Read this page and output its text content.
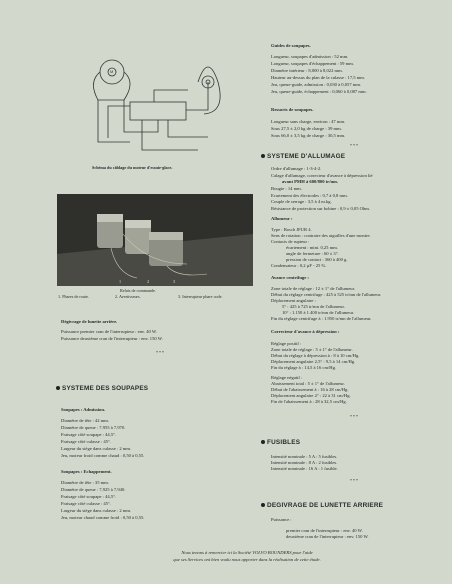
M
Schéma du câblage du moteur d'essuie-glace.
1	2	3
Relais de commande.
1. Phares de route.	2. Avertisseurs.	3. Interrupteur phare code.
Dégivrage de lunette arrière.
Puissance premier cran de l'interrupteur : env. 40 W.
Puissance deuxième cran de l'interrupteur : env. 150 W.
* * *
SYSTEME DES SOUPAPES
Soupapes : Admission.
Diamètre de tête : 42 mm.
Diamètre de queue : 7,955 à 7,970.
Fraisage côté soupape : 44,5°.
Fraisage côté culasse : 45°.
Largeur du siège dans culasse : 2 mm.
Jeu, moteur froid comme chaud : 0,50 à 0,55.
Soupapes : Echappement.
Diamètre de tête : 35 mm.
Diamètre de queue : 7,925 à 7,940.
Fraisage côté soupape : 44,5°.
Fraisage côté culasse : 45°.
Largeur du siège dans culasse : 2 mm.
Jeu, moteur chaud comme froid : 0,50 à 0,55.
Guides de soupapes.
Longueur, soupapes d'admission : 52 mm.
Longueur, soupapes d'échappement : 59 mm.
Diamètre intérieur : 8,000 à 8,022 mm.
Hauteur au-dessus du plan de la culasse : 17,5 mm.
Jeu, queue-guide, admission : 0,030 à 0,057 mm.
Jeu, queue-guide, échappement : 0,060 à 0,087 mm.
Ressorts de soupapes.
Longueur sans charge, environ : 47 mm.
Sous 27,5 ± 2,0 kg de charge : 39 mm.
Sous 66,0 ± 3,5 kg de charge : 30,5 mm.
* * *
SYSTEME D'ALLUMAGE
Ordre d'allumage : 1-3-4-2.
Calage d'allumage, correcteur d'avance à dépression lié
avant PMH à 600/800 tr/mn.
Bougie : 14 mm.
Ecartement des électrodes : 0,7 à 0,8 mm.
Couple de serrage : 3,5 à 4 m.kg.
Résistance de protection sur bobine : 0,9 ± 0,05 Ohm.
Allumeur :
Type : Bosch JFUR 4.
Sens de rotation : contraire des aiguilles d'une montre.
Contacts de rupteur :
écartement : mini. 0,25 mm.
angle de fermeture : 60 ± 3°.
pression de contact : 360 à 400 g.
Condensateur : 0,2 µF - 25 %.
Avance centrifuge :
Zone totale de réglage : 12 ± 1° de l'allumeur.
Début du réglage centrifuge : 425 à 525 tr/mn de l'allumeur.
Déplacement angulaire :
5° : 425 à 725 tr/mn de l'allumeur.
10° : 1.150 à 1.400 tr/mn de l'allumeur.
Fin du réglage centrifuge à : 1.950 tr/mn de l'allumeur.
Correcteur d'avance à dépression :
Réglage positif :
Zone totale de réglage : 5 ± 1° de l'allumeur.
Début du réglage à dépression à : 8 à 10 cm/Hg.
Déplacement angulaire 2,5° : 9,5 à 14 cm/Hg.
Fin du réglage à : 14,5 à 16 cm/Hg.
Réglage négatif :
Abaissement total : 5 ± 1° de l'allumeur.
Début de l'abaissement à : 16 à 28 cm/Hg.
Déplacement angulaire 2° : 22 à 31 cm/Hg.
Fin de l'abaissement à : 28 à 32,5 cm/Hg.
* * *
FUSIBLES
Intensité nominale : 5 A : 5 fusibles.
Intensité nominale : 8 A : 2 fusibles.
Intensité nominale : 16 A : 1 fusible.
* * *
DEGIVRAGE DE LUNETTE ARRIERE
Puissance :
premier cran de l'interrupteur : env. 40 W.
deuxième cran de l'interrupteur : env. 150 W.
Nous tenons à remercier ici la Société VOLVO BOUNDERS pour l'aide
que ses Services ont bien voulu nous apporter dans la réalisation de cette étude.
